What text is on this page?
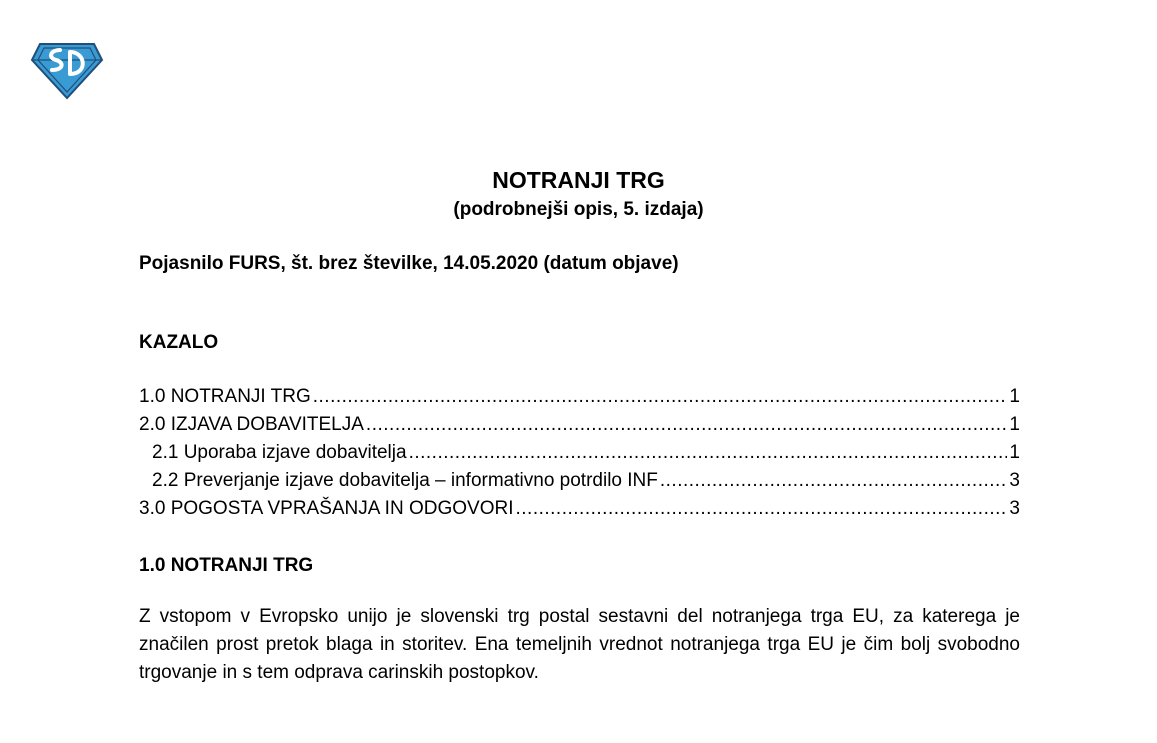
NOTRANJI TRG
(podrobnejši opis, 5. izdaja)
Pojasnilo FURS, št. brez številke, 14.05.2020 (datum objave)
KAZALO
1.0 NOTRANJI TRG .....	1
2.0 IZJAVA DOBAVITELJA .....	1
2.1 Uporaba izjave dobavitelja .....	1
2.2 Preverjanje izjave dobavitelja – informativno potrdilo INF .....	3
3.0 POGOSTA VPRAŠANJA IN ODGOVORI .....	3
1.0 NOTRANJI TRG
Z vstopom v Evropsko unijo je slovenski trg postal sestavni del notranjega trga EU, za katerega je značilen prost pretok blaga in storitev. Ena temeljnih vrednot notranjega trga EU je čim bolj svobodno trgovanje in s tem odprava carinskih postopkov.
